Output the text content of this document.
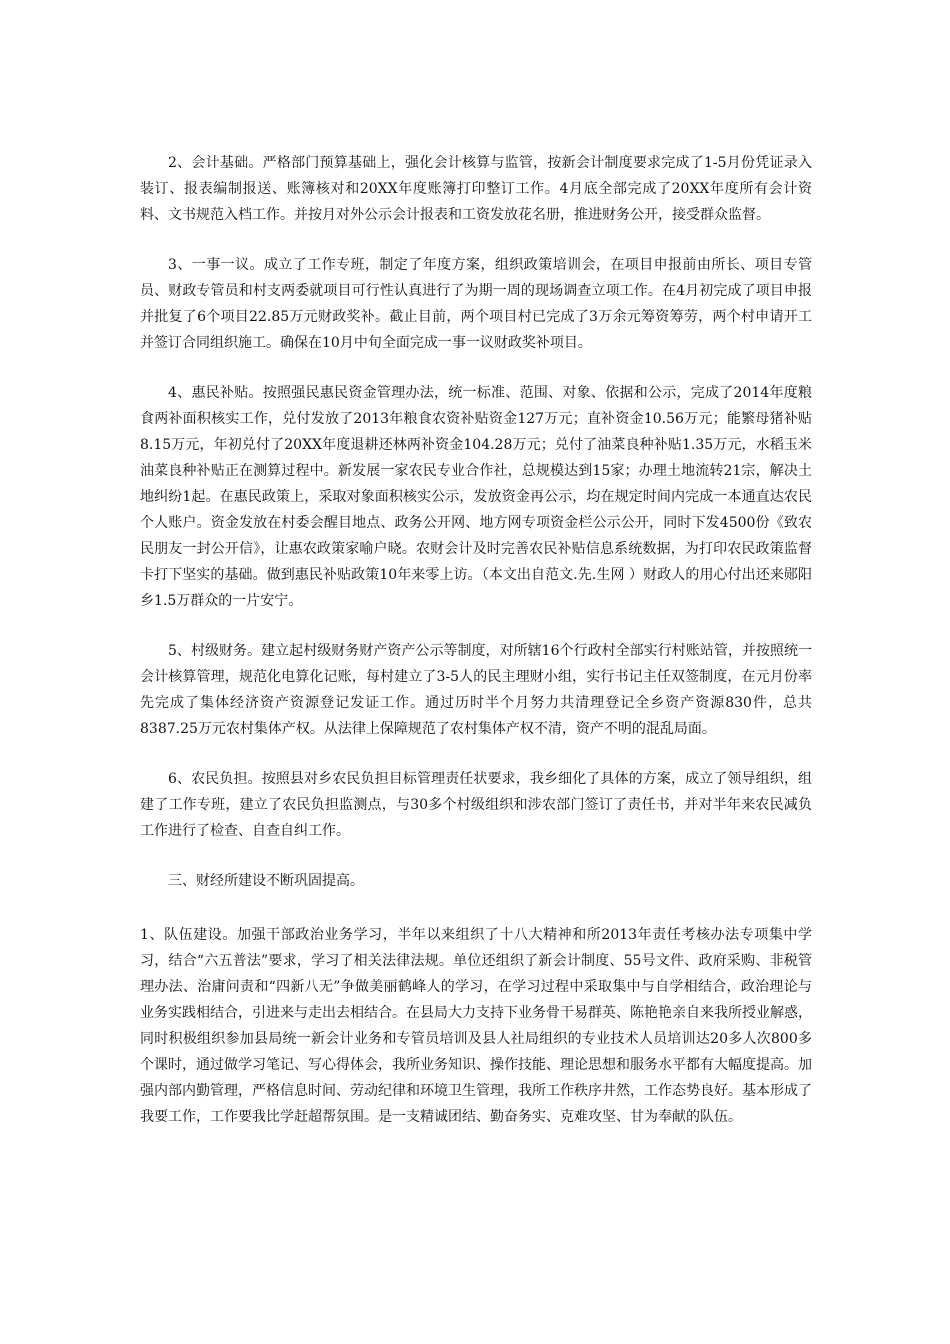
2、会计基础。严格部门预算基础上，强化会计核算与监管，按新会计制度要求完成了1-5月份凭证录入装订、报表编制报送、账簿核对和20XX年度账簿打印整订工作。4月底全部完成了20XX年度所有会计资料、文书规范入档工作。并按月对外公示会计报表和工资发放花名册，推进财务公开，接受群众监督。

3、一事一议。成立了工作专班，制定了年度方案，组织政策培训会，在项目申报前由所长、项目专管员、财政专管员和村支两委就项目可行性认真进行了为期一周的现场调查立项工作。在4月初完成了项目申报并批复了6个项目22.85万元财政奖补。截止目前，两个项目村已完成了3万余元筹资筹劳，两个村申请开工并签订合同组织施工。确保在10月中旬全面完成一事一议财政奖补项目。

4、惠民补贴。按照强民惠民资金管理办法，统一标准、范围、对象、依据和公示，完成了2014年度粮食两补面积核实工作，兑付发放了2013年粮食农资补贴资金127万元；直补资金10.56万元；能繁母猪补贴8.15万元，年初兑付了20XX年度退耕还林两补资金104.28万元；兑付了油菜良种补贴1.35万元，水稻玉米油菜良种补贴正在测算过程中。新发展一家农民专业合作社，总规模达到15家；办理土地流转21宗，解决土地纠纷1起。在惠民政策上，采取对象面积核实公示，发放资金再公示，均在规定时间内完成一本通直达农民个人账户。资金发放在村委会醒目地点、政务公开网、地方网专项资金栏公示公开，同时下发4500份《致农民朋友一封公开信》，让惠农政策家喻户晓。农财会计及时完善农民补贴信息系统数据，为打印农民政策监督卡打下坚实的基础。做到惠民补贴政策10年来零上访。（本文出自范文.先.生网 ）财政人的用心付出还来郧阳乡1.5万群众的一片安宁。

5、村级财务。建立起村级财务财产资产公示等制度，对所辖16个行政村全部实行村账站管，并按照统一会计核算管理，规范化电算化记账，每村建立了3-5人的民主理财小组，实行书记主任双签制度，在元月份率先完成了集体经济资产资源登记发证工作。通过历时半个月努力共清理登记全乡资产资源830件，总共8387.25万元农村集体产权。从法律上保障规范了农村集体产权不清，资产不明的混乱局面。

6、农民负担。按照县对乡农民负担目标管理责任状要求，我乡细化了具体的方案，成立了领导组织，组建了工作专班，建立了农民负担监测点，与30多个村级组织和涉农部门签订了责任书，并对半年来农民减负工作进行了检查、自查自纠工作。

三、财经所建设不断巩固提高。

1、队伍建设。加强干部政治业务学习，半年以来组织了十八大精神和所2013年责任考核办法专项集中学习，结合“六五普法”要求，学习了相关法律法规。单位还组织了新会计制度、55号文件、政府采购、非税管理办法、治庸问责和“四新八无”争做美丽鹤峰人的学习，在学习过程中采取集中与自学相结合，政治理论与业务实践相结合，引进来与走出去相结合。在县局大力支持下业务骨干易群英、陈艳艳亲自来我所授业解惑，同时积极组织参加县局统一新会计业务和专管员培训及县人社局组织的专业技术人员培训达20多人次800多个课时，通过做学习笔记、写心得体会，我所业务知识、操作技能、理论思想和服务水平都有大幅度提高。加强内部内勤管理，严格信息时间、劳动纪律和环境卫生管理，我所工作秩序井然，工作态势良好。基本形成了我要工作，工作要我比学赶超帮氛围。是一支精诚团结、勤奋务实、克难攻坚、甘为奉献的队伍。
